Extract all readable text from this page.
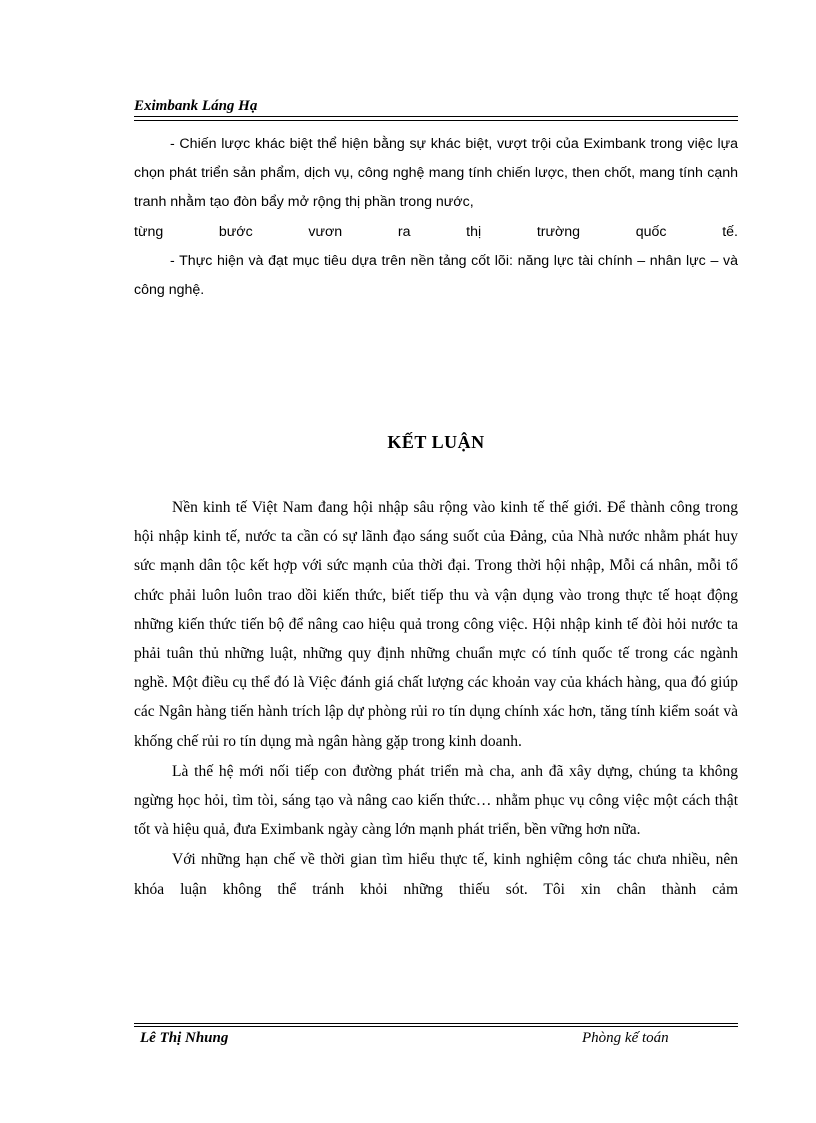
Eximbank Láng Hạ

- Chiến lược khác biệt thể hiện bằng sự khác biệt, vượt trội của Eximbank trong việc lựa chọn phát triển sản phẩm, dịch vụ, công nghệ mang tính chiến lược, then chốt, mang tính cạnh tranh nhằm tạo đòn bẩy mở rộng thị phần trong nước,

từng bước vươn ra thị trường quốc tế.

- Thực hiện và đạt mục tiêu dựa trên nền tảng cốt lõi: năng lực tài chính – nhân lực – và công nghệ.

KẾT LUẬN

Nền kinh tế Việt Nam đang hội nhập sâu rộng vào kinh tế thế giới. Để thành công trong hội nhập kinh tế, nước ta cần có sự lãnh đạo sáng suốt của Đảng, của Nhà nước nhằm phát huy sức mạnh dân tộc kết hợp với sức mạnh của thời đại. Trong thời hội nhập, Mỗi cá nhân, mỗi tổ chức phải luôn luôn trao dồi kiến thức, biết tiếp thu và vận dụng vào trong thực tế hoạt động những kiến thức tiến bộ để nâng cao hiệu quả trong công việc. Hội nhập kinh tế đòi hỏi nước ta phải tuân thủ những luật, những quy định những chuẩn mực có tính quốc tế trong các ngành nghề. Một điều cụ thể đó là Việc đánh giá chất lượng các khoản vay của khách hàng, qua đó giúp các Ngân hàng tiến hành trích lập dự phòng rủi ro tín dụng chính xác hơn, tăng tính kiểm soát và khống chế rủi ro tín dụng mà ngân hàng gặp trong kinh doanh.

Là thế hệ mới nối tiếp con đường phát triển mà cha, anh đã xây dựng, chúng ta không ngừng học hỏi, tìm tòi, sáng tạo và nâng cao kiến thức… nhằm phục vụ công việc một cách thật tốt và hiệu quả, đưa Eximbank ngày càng lớn mạnh phát triển, bền vững hơn nữa.

Với những hạn chế về thời gian tìm hiểu thực tế, kinh nghiệm công tác chưa nhiều, nên khóa luận không thể tránh khỏi những thiếu sót. Tôi xin chân thành cảm

Lê Thị Nhung	Phòng kế toán
